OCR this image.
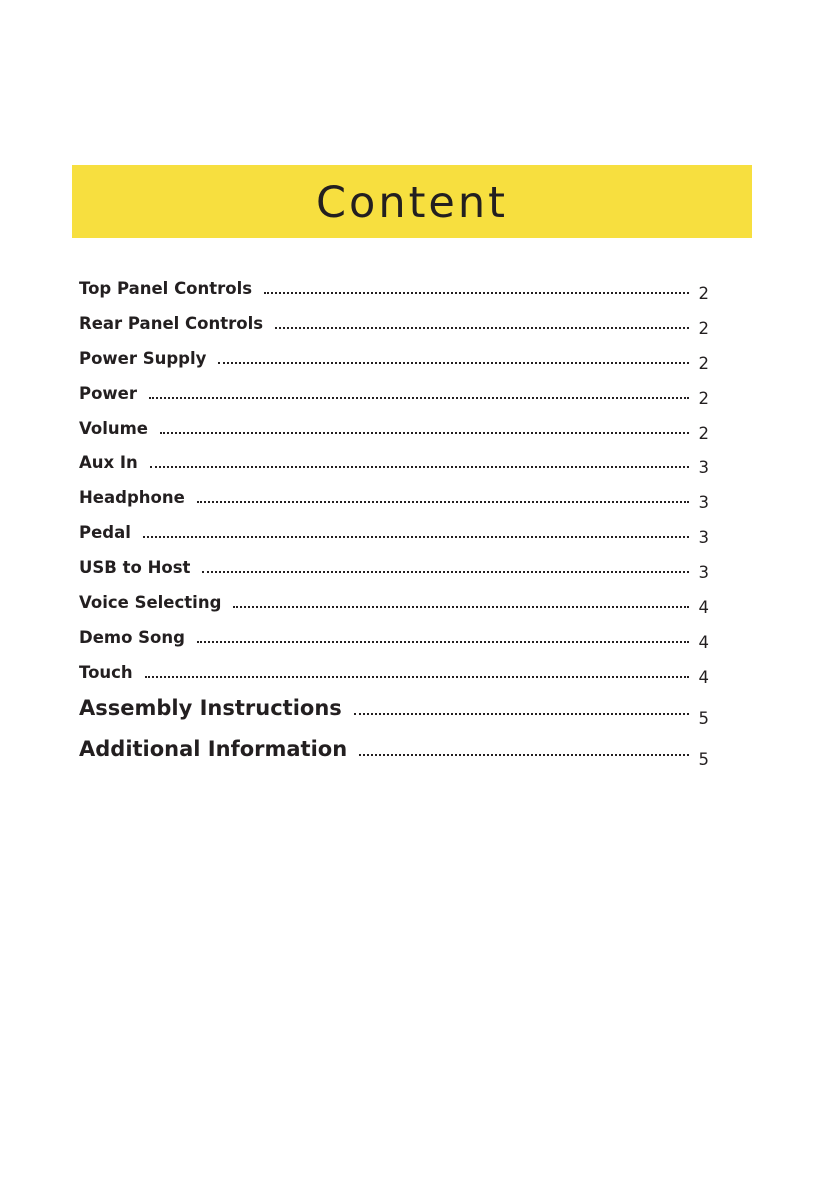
Content
Top Panel Controls	2
Rear Panel Controls	2
Power Supply	2
Power	2
Volume	2
Aux In	3
Headphone	3
Pedal	3
USB to Host	3
Voice Selecting	4
Demo Song	4
Touch	4
Assembly Instructions	5
Additional Information	5
